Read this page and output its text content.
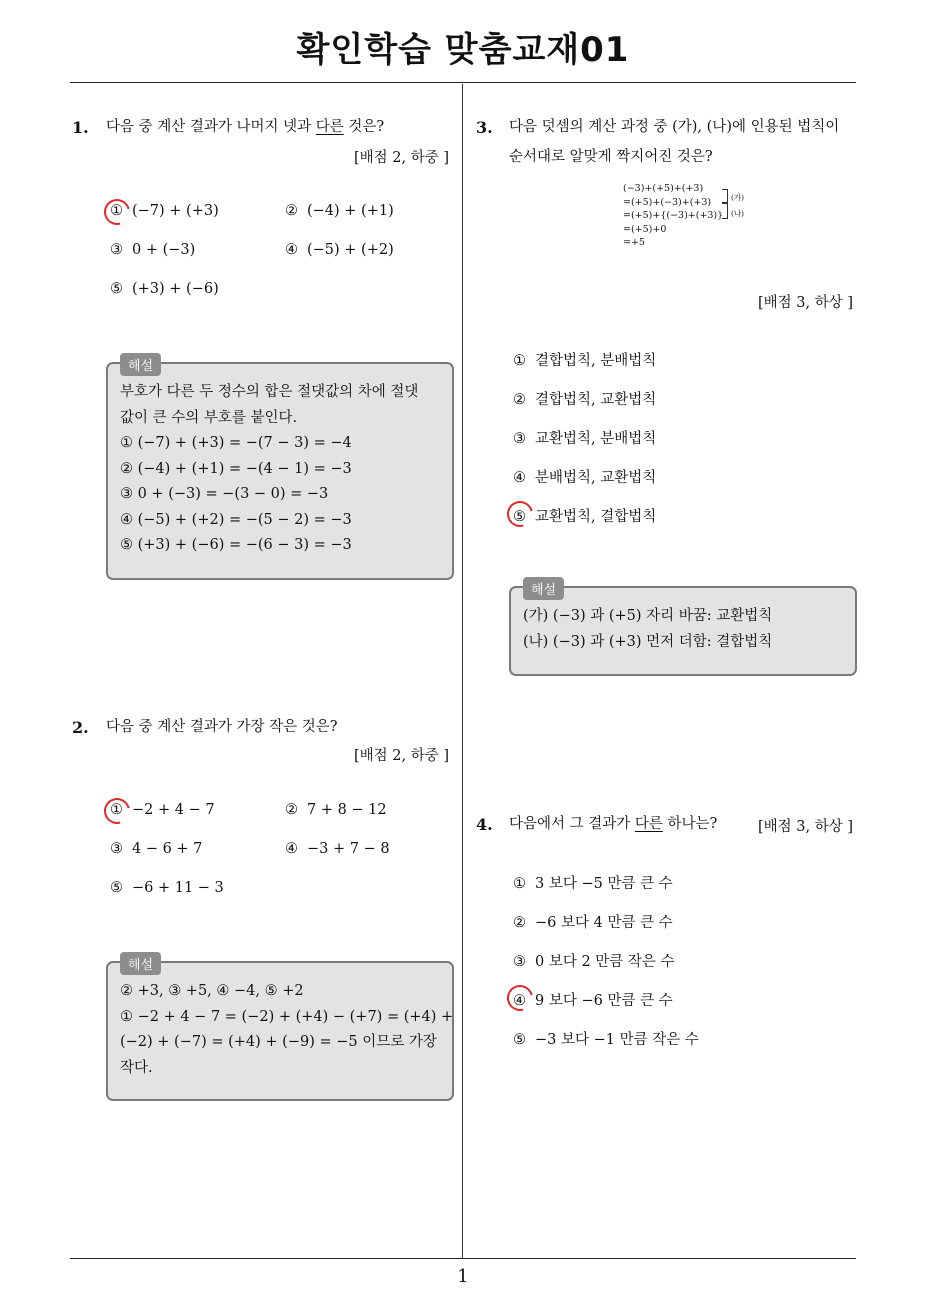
확인학습 맞춤교재01
1. 다음 중 계산 결과가 나머지 넷과 다른 것은?
[배점 2, 하중 ]
① (−7) + (+3)	② (−4) + (+1)
③ 0 + (−3)	④ (−5) + (+2)
⑤ (+3) + (−6)
해설
부호가 다른 두 정수의 합은 절댓값의 차에 절댓
값이 큰 수의 부호를 붙인다.
① (−7) + (+3) = −(7 − 3) = −4
② (−4) + (+1) = −(4 − 1) = −3
③ 0 + (−3) = −(3 − 0) = −3
④ (−5) + (+2) = −(5 − 2) = −3
⑤ (+3) + (−6) = −(6 − 3) = −3
2. 다음 중 계산 결과가 가장 작은 것은?
[배점 2, 하중 ]
① −2 + 4 − 7	② 7 + 8 − 12
③ 4 − 6 + 7	④ −3 + 7 − 8
⑤ −6 + 11 − 3
해설
② +3, ③ +5, ④ −4, ⑤ +2
① −2 + 4 − 7 = (−2) + (+4) − (+7) = (+4) +
(−2) + (−7) = (+4) + (−9) = −5 이므로 가장
작다.
3. 다음 덧셈의 계산 과정 중 (가), (나)에 인용된 법칙이
순서대로 알맞게 짝지어진 것은?
(−3)+(+5)+(+3)
=(+5)+(−3)+(+3)
=(+5)+{(−3)+(+3)}
=(+5)+0
=+5
(가)
(나)
[배점 3, 하상 ]
① 결합법칙, 분배법칙
② 결합법칙, 교환법칙
③ 교환법칙, 분배법칙
④ 분배법칙, 교환법칙
⑤ 교환법칙, 결합법칙
해설
(가) (−3) 과 (+5) 자리 바꿈: 교환법칙
(나) (−3) 과 (+3) 먼저 더함: 결합법칙
4. 다음에서 그 결과가 다른 하나는?	[배점 3, 하상 ]
① 3 보다 −5 만큼 큰 수
② −6 보다 4 만큼 큰 수
③ 0 보다 2 만큼 작은 수
④ 9 보다 −6 만큼 큰 수
⑤ −3 보다 −1 만큼 작은 수
1
